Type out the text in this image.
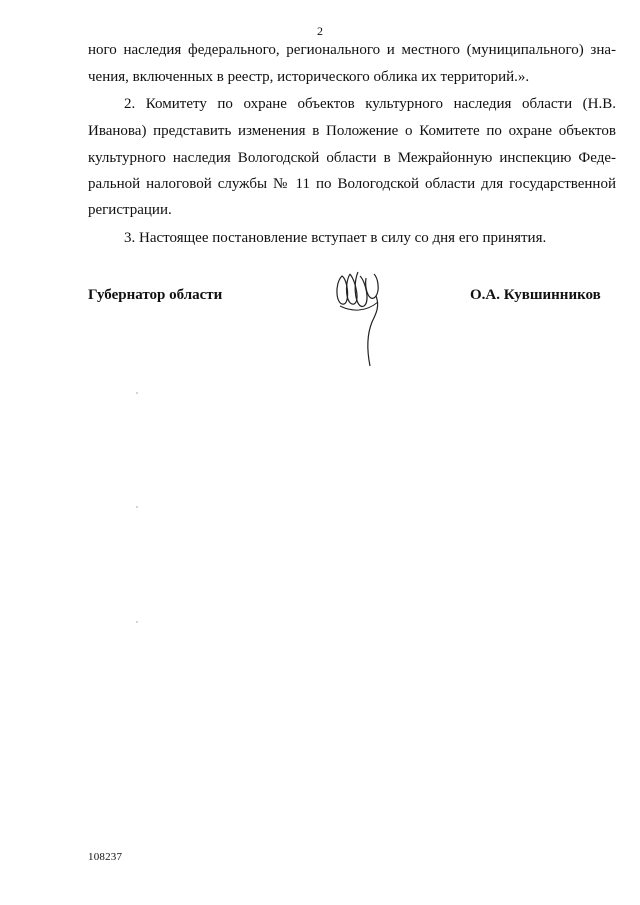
2
ного наследия федерального, регионального и местного (муниципального) зна-
чения, включенных в реестр, исторического облика их территорий.».
2. Комитету по охране объектов культурного наследия области (Н.В.
Иванова) представить изменения в Положение о Комитете по охране объектов
культурного наследия Вологодской области в Межрайонную инспекцию Федe-
ральной налоговой службы № 11 по Вологодской области для государственной
регистрации.
3. Настоящее постановление вступает в силу со дня его принятия.
Губернатор области	О.А. Кувшинников
108237
